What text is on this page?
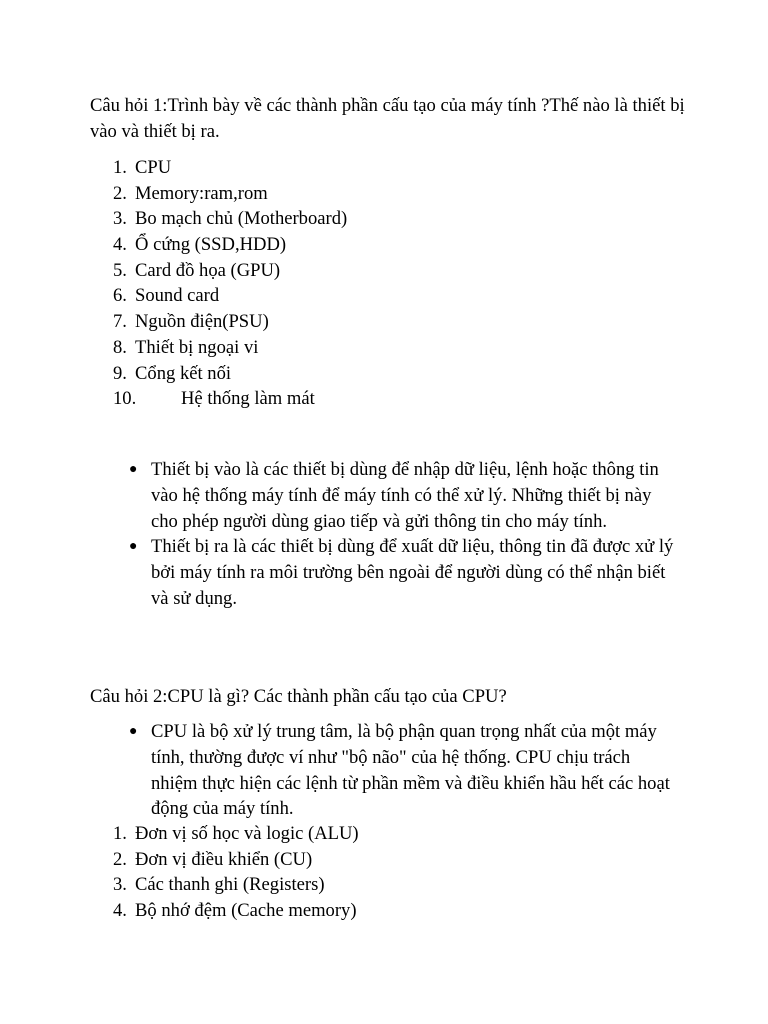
Câu hỏi 1:Trình bày về các thành phần cấu tạo của máy tính ?Thế nào là thiết bị vào và thiết bị ra.

1. CPU
2. Memory:ram,rom
3. Bo mạch chủ (Motherboard)
4. Ổ cứng (SSD,HDD)
5. Card đồ họa (GPU)
6. Sound card
7. Nguồn điện(PSU)
8. Thiết bị ngoại vi
9. Cổng kết nối
10. Hệ thống làm mát
● Thiết bị vào là các thiết bị dùng để nhập dữ liệu, lệnh hoặc thông tin vào hệ thống máy tính để máy tính có thể xử lý. Những thiết bị này cho phép người dùng giao tiếp và gửi thông tin cho máy tính.
● Thiết bị ra là các thiết bị dùng để xuất dữ liệu, thông tin đã được xử lý bởi máy tính ra môi trường bên ngoài để người dùng có thể nhận biết và sử dụng.

Câu hỏi 2:CPU là gì? Các thành phần cấu tạo của CPU?

● CPU là bộ xử lý trung tâm, là bộ phận quan trọng nhất của một máy tính, thường được ví như "bộ não" của hệ thống. CPU chịu trách nhiệm thực hiện các lệnh từ phần mềm và điều khiển hầu hết các hoạt động của máy tính.
1. Đơn vị số học và logic (ALU)
2. Đơn vị điều khiển (CU)
3. Các thanh ghi (Registers)
4. Bộ nhớ đệm (Cache memory)
